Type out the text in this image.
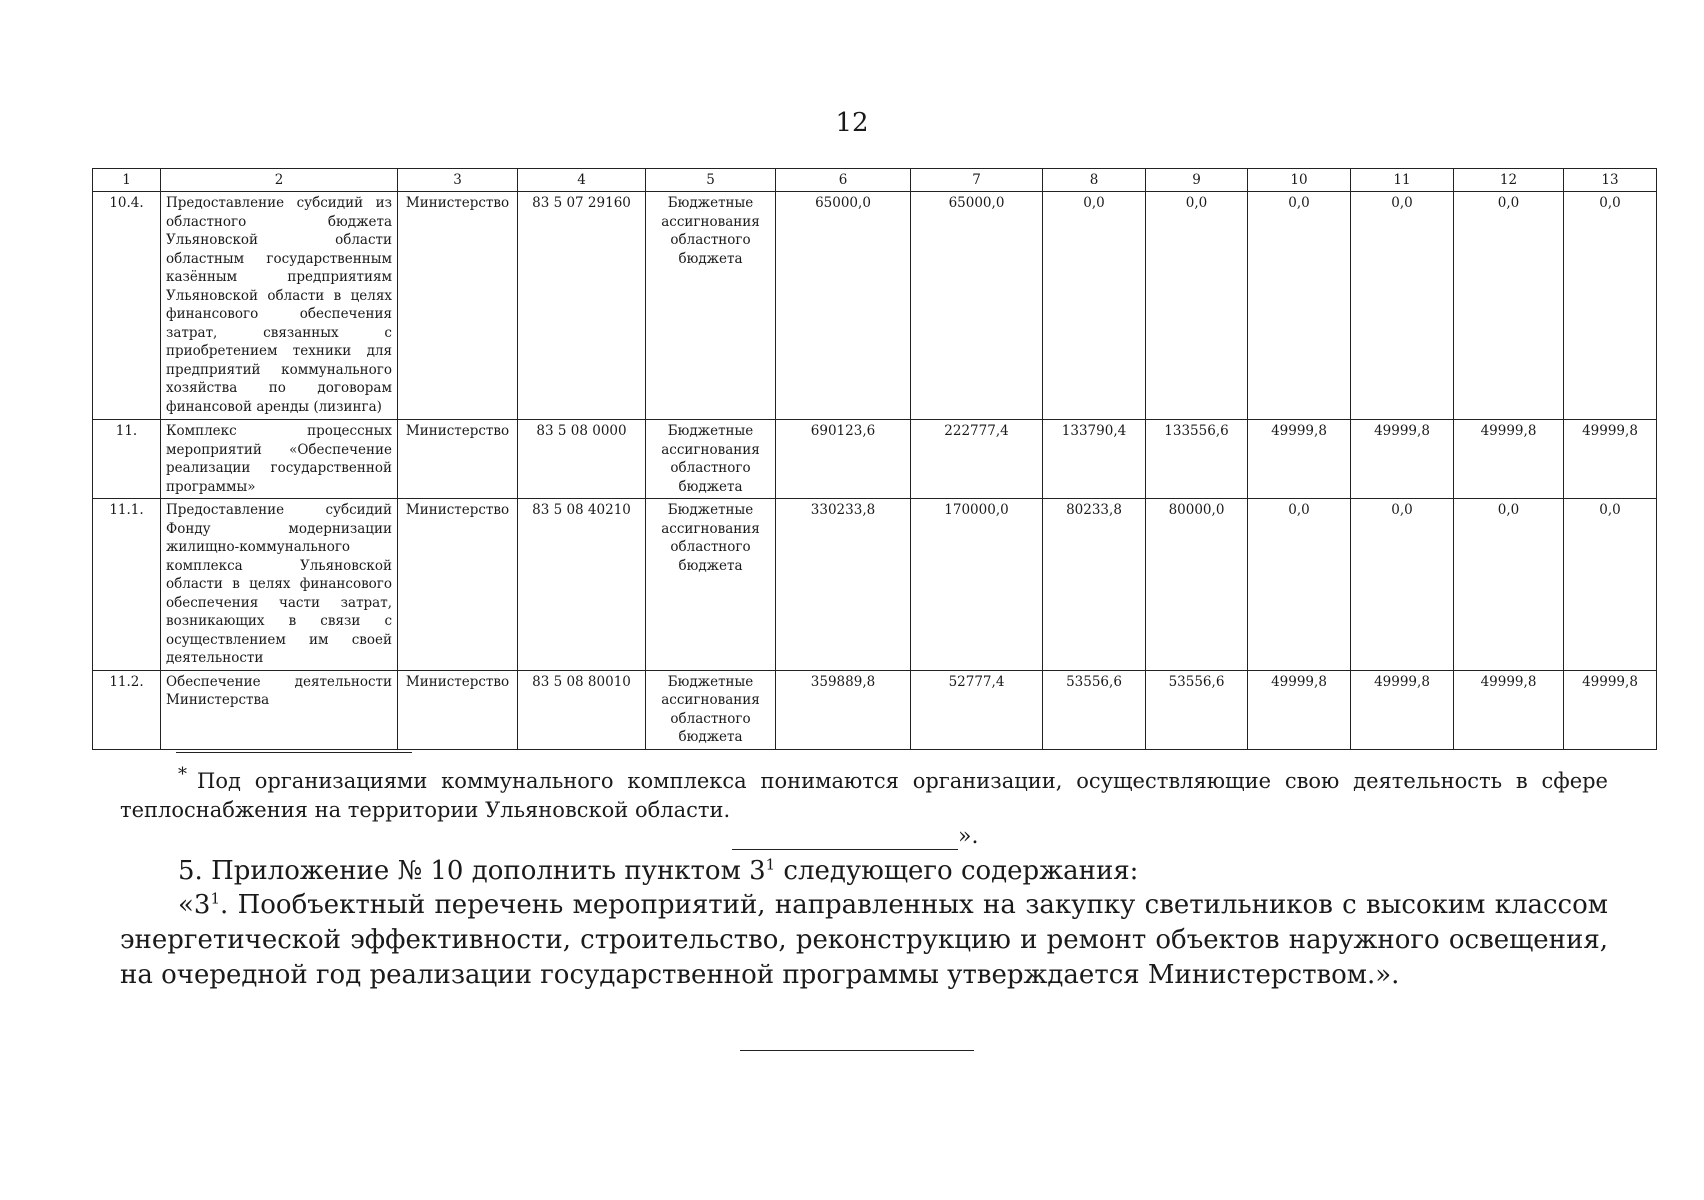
12
1	2	3	4	5	6	7	8	9	10	11	12	13
10.4.	Предоставление субсидий из областного бюджета Ульяновской области областным государственным казённым предприятиям Ульяновской области в целях финансового обеспечения затрат, связанных с приобретением техники для предприятий коммунального хозяйства по договорам финансовой аренды (лизинга)	Министерство	83 5 07 29160	Бюджетные ассигнования областного бюджета	65000,0	65000,0	0,0	0,0	0,0	0,0	0,0	0,0
11.	Комплекс процессных мероприятий «Обеспечение реализации государственной программы»	Министерство	83 5 08 0000	Бюджетные ассигнования областного бюджета	690123,6	222777,4	133790,4	133556,6	49999,8	49999,8	49999,8	49999,8
11.1.	Предоставление субсидий Фонду модернизации жилищно-коммунального комплекса Ульяновской области в целях финансового обеспечения части затрат, возникающих в связи с осуществлением им своей деятельности	Министерство	83 5 08 40210	Бюджетные ассигнования областного бюджета	330233,8	170000,0	80233,8	80000,0	0,0	0,0	0,0	0,0
11.2.	Обеспечение деятельности Министерства	Министерство	83 5 08 80010	Бюджетные ассигнования областного бюджета	359889,8	52777,4	53556,6	53556,6	49999,8	49999,8	49999,8	49999,8
* Под организациями коммунального комплекса понимаются организации, осуществляющие свою деятельность в сфере теплоснабжения на территории Ульяновской области.
».
5. Приложение № 10 дополнить пунктом $3^1$ следующего содержания:
«$3^1$. Пообъектный перечень мероприятий, направленных на закупку светильников с высоким классом энергетической эффективности, строительство, реконструкцию и ремонт объектов наружного освещения, на очередной год реализации государственной программы утверждается Министерством.».
